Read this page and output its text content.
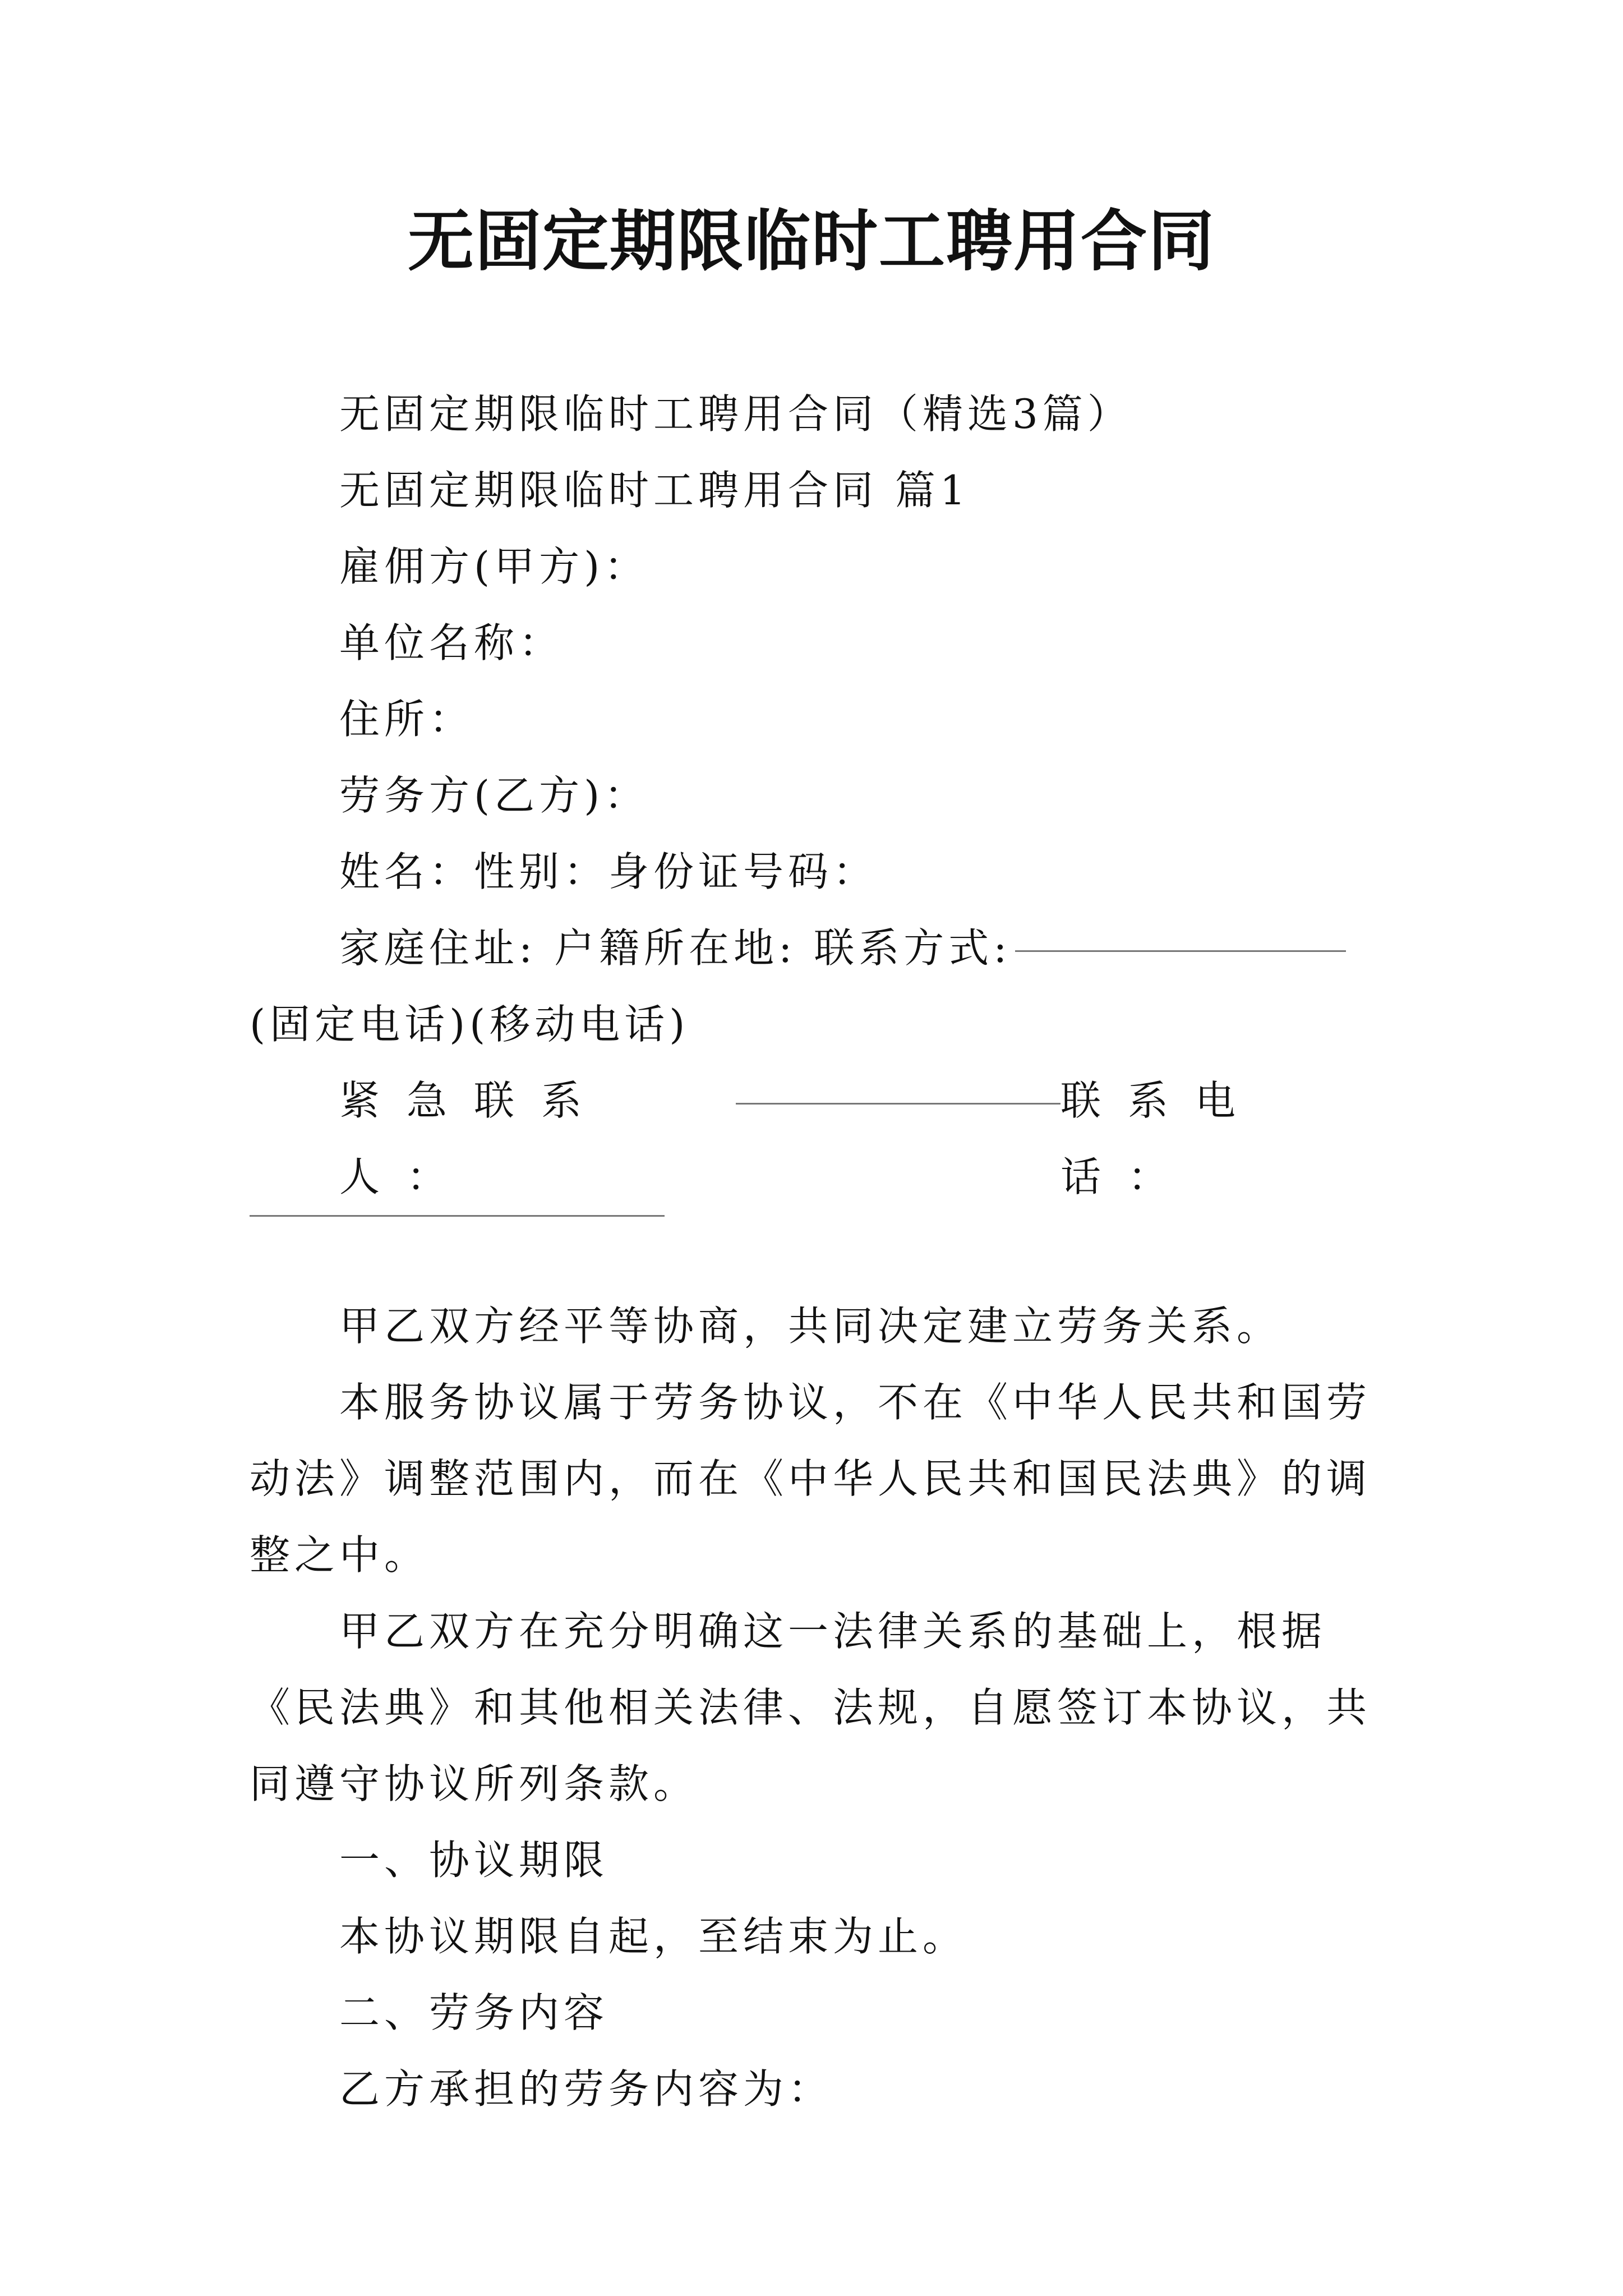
无固定期限临时工聘用合同

无固定期限临时工聘用合同（精选3篇）

无固定期限临时工聘用合同 篇1

雇佣方(甲方)：

单位名称：

住所：

劳务方(乙方)：

姓名：性别：身份证号码：

家庭住址: 户籍所在地: 联系方式:(固定电话)(移动电话)

紧急联系人：
联系电话：

甲乙双方经平等协商，共同决定建立劳务关系。

本服务协议属于劳务协议，不在《中华人民共和国劳动法》调整范围内，而在《中华人民共和国民法典》的调整之中。

甲乙双方在充分明确这一法律关系的基础上，根据《民法典》和其他相关法律、法规，自愿签订本协议，共同遵守协议所列条款。

一、协议期限

本协议期限自起，至结束为止。

二、劳务内容

乙方承担的劳务内容为：
